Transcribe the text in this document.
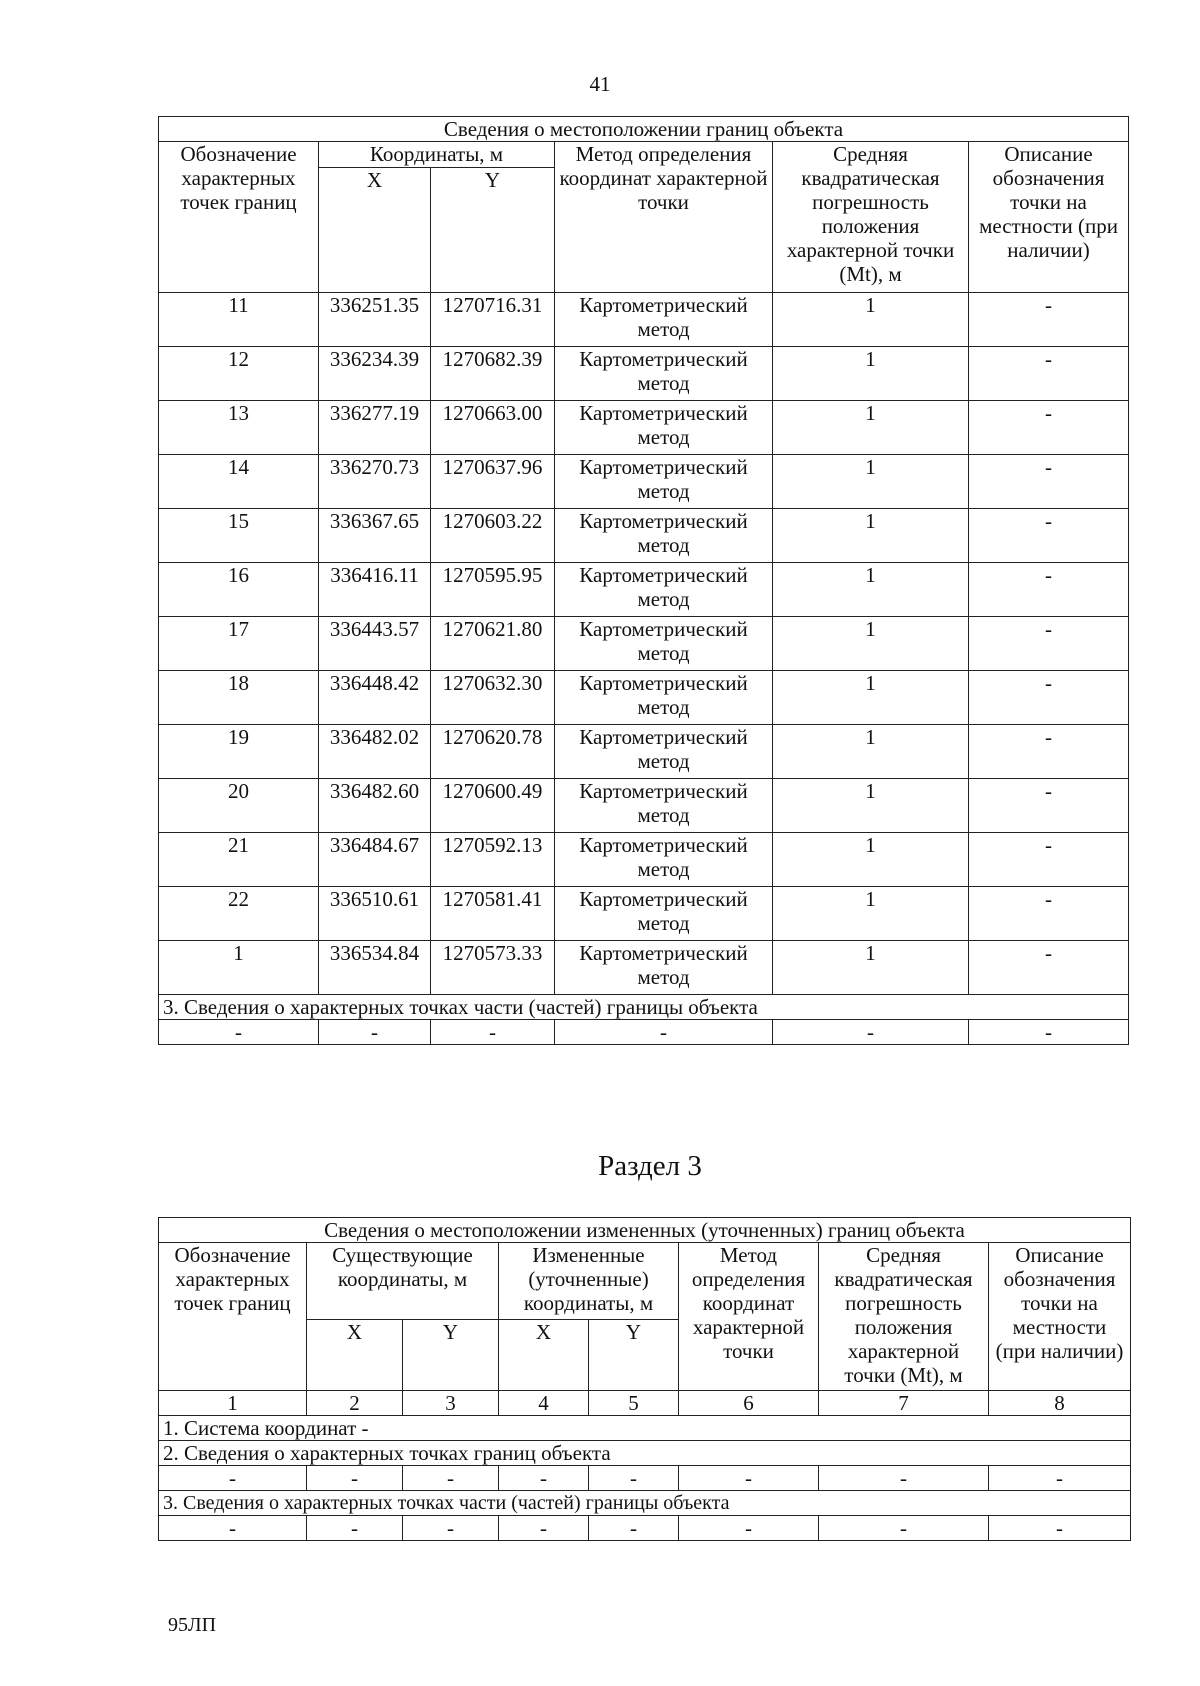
41
Сведения о местоположении границ объекта					
Обозначение характерных точек границ	Координаты, м		Метод определения координат характерной точки	Средняя квадратическая погрешность положения характерной точки (Mt), м	Описание обозначения точки на местности (при наличии)
	X	Y			
11	336251.35	1270716.31	Картометрический метод	1	-
12	336234.39	1270682.39	Картометрический метод	1	-
13	336277.19	1270663.00	Картометрический метод	1	-
14	336270.73	1270637.96	Картометрический метод	1	-
15	336367.65	1270603.22	Картометрический метод	1	-
16	336416.11	1270595.95	Картометрический метод	1	-
17	336443.57	1270621.80	Картометрический метод	1	-
18	336448.42	1270632.30	Картометрический метод	1	-
19	336482.02	1270620.78	Картометрический метод	1	-
20	336482.60	1270600.49	Картометрический метод	1	-
21	336484.67	1270592.13	Картометрический метод	1	-
22	336510.61	1270581.41	Картометрический метод	1	-
1	336534.84	1270573.33	Картометрический метод	1	-
3. Сведения о характерных точках части (частей) границы объекта					
-	-	-	-	-	-
Раздел 3
Сведения о местоположении измененных (уточненных) границ объекта							
Обозначение характерных точек границ	Существующие координаты, м		Измененные (уточненные) координаты, м		Метод определения координат характерной точки	Средняя квадратическая погрешность положения характерной точки (Mt), м	Описание обозначения точки на местности (при наличии)
	X	Y	X	Y			
1	2	3	4	5	6	7	8
1. Система координат -							
2. Сведения о характерных точках границ объекта							
-	-	-	-	-	-	-	-
3. Сведения о характерных точках части (частей) границы объекта							
-	-	-	-	-	-	-	-
95ЛП
